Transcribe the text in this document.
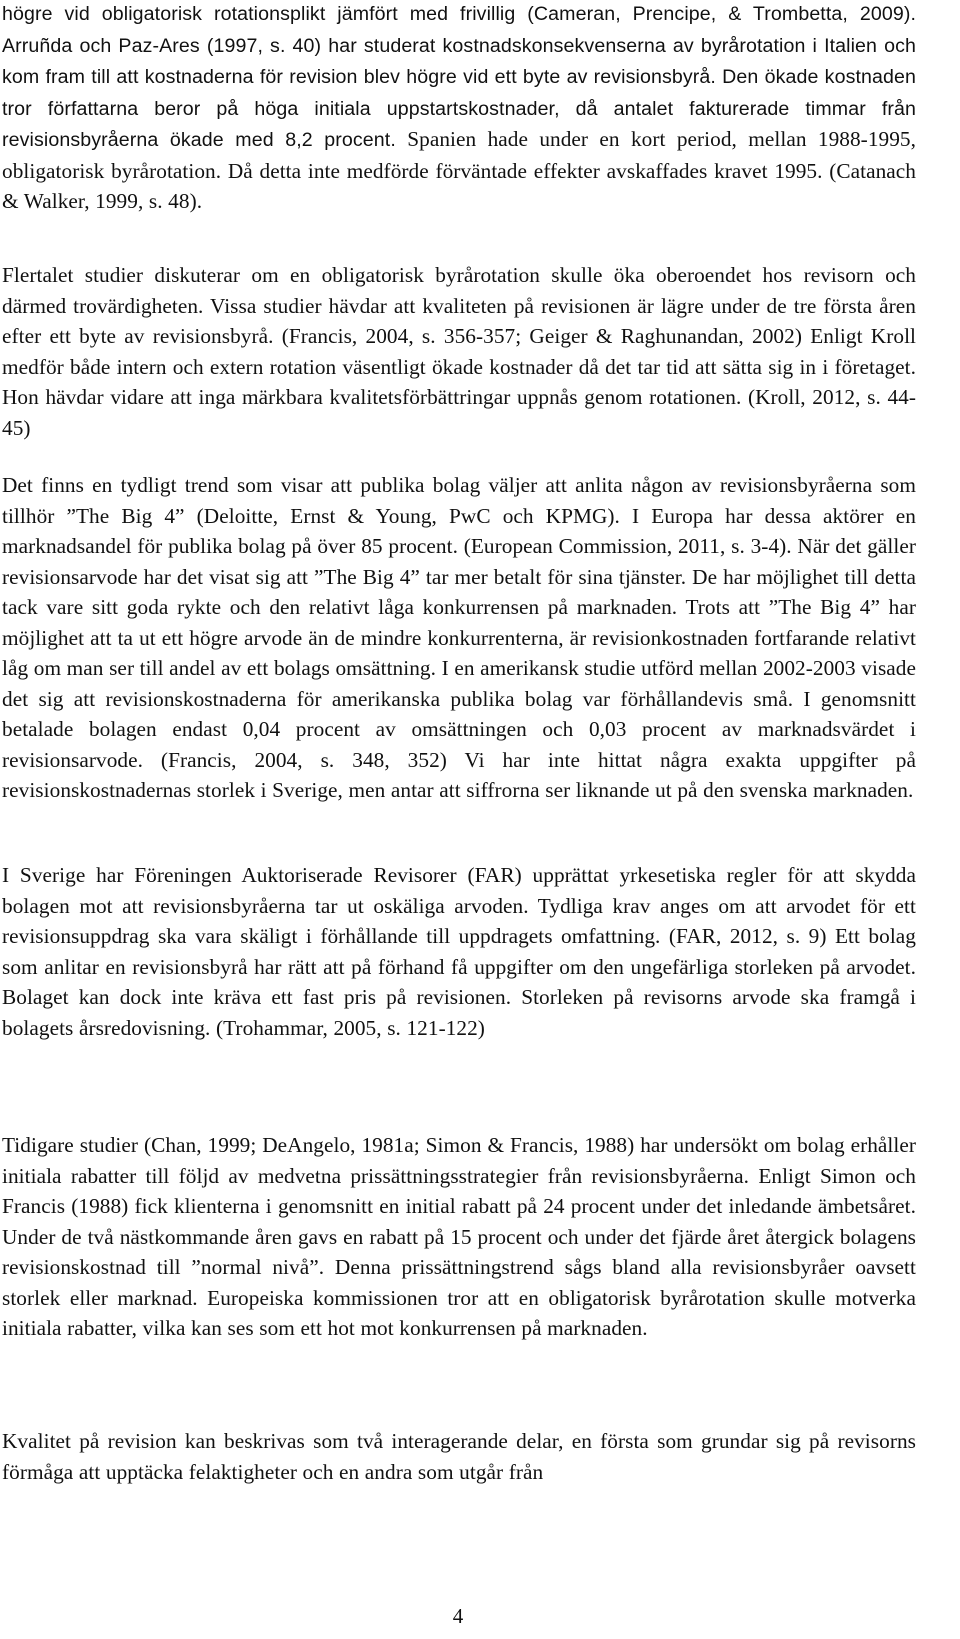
högre vid obligatorisk rotationsplikt jämfört med frivillig (Cameran, Prencipe, & Trombetta, 2009). Arruñda och Paz-Ares (1997, s. 40) har studerat kostnadskonsekvenserna av byrårotation i Italien och kom fram till att kostnaderna för revision blev högre vid ett byte av revisionsbyrå. Den ökade kostnaden tror författarna beror på höga initiala uppstartskostnader, då antalet fakturerade timmar från revisionsbyråerna ökade med 8,2 procent. Spanien hade under en kort period, mellan 1988-1995, obligatorisk byrårotation. Då detta inte medförde förväntade effekter avskaffades kravet 1995. (Catanach & Walker, 1999, s. 48).

Flertalet studier diskuterar om en obligatorisk byrårotation skulle öka oberoendet hos revisorn och därmed trovärdigheten. Vissa studier hävdar att kvaliteten på revisionen är lägre under de tre första åren efter ett byte av revisionsbyrå. (Francis, 2004, s. 356-357; Geiger & Raghunandan, 2002) Enligt Kroll medför både intern och extern rotation väsentligt ökade kostnader då det tar tid att sätta sig in i företaget. Hon hävdar vidare att inga märkbara kvalitetsförbättringar uppnås genom rotationen. (Kroll, 2012, s. 44-45)

Det finns en tydligt trend som visar att publika bolag väljer att anlita någon av revisionsbyråerna som tillhör ”The Big 4” (Deloitte, Ernst & Young, PwC och KPMG). I Europa har dessa aktörer en marknadsandel för publika bolag på över 85 procent. (European Commission, 2011, s. 3-4). När det gäller revisionsarvode har det visat sig att ”The Big 4” tar mer betalt för sina tjänster. De har möjlighet till detta tack vare sitt goda rykte och den relativt låga konkurrensen på marknaden. Trots att ”The Big 4” har möjlighet att ta ut ett högre arvode än de mindre konkurrenterna, är revisionkostnaden fortfarande relativt låg om man ser till andel av ett bolags omsättning. I en amerikansk studie utförd mellan 2002-2003 visade det sig att revisionskostnaderna för amerikanska publika bolag var förhållandevis små. I genomsnitt betalade bolagen endast 0,04 procent av omsättningen och 0,03 procent av marknadsvärdet i revisionsarvode. (Francis, 2004, s. 348, 352) Vi har inte hittat några exakta uppgifter på revisionskostnadernas storlek i Sverige, men antar att siffrorna ser liknande ut på den svenska marknaden.

I Sverige har Föreningen Auktoriserade Revisorer (FAR) upprättat yrkesetiska regler för att skydda bolagen mot att revisionsbyråerna tar ut oskäliga arvoden. Tydliga krav anges om att arvodet för ett revisionsuppdrag ska vara skäligt i förhållande till uppdragets omfattning. (FAR, 2012, s. 9) Ett bolag som anlitar en revisionsbyrå har rätt att på förhand få uppgifter om den ungefärliga storleken på arvodet. Bolaget kan dock inte kräva ett fast pris på revisionen. Storleken på revisorns arvode ska framgå i bolagets årsredovisning. (Trohammar, 2005, s. 121-122)

Tidigare studier (Chan, 1999; DeAngelo, 1981a; Simon & Francis, 1988) har undersökt om bolag erhåller initiala rabatter till följd av medvetna prissättningsstrategier från revisionsbyråerna. Enligt Simon och Francis (1988) fick klienterna i genomsnitt en initial rabatt på 24 procent under det inledande ämbetsåret. Under de två nästkommande åren gavs en rabatt på 15 procent och under det fjärde året återgick bolagens revisionskostnad till ”normal nivå”. Denna prissättningstrend sågs bland alla revisionsbyråer oavsett storlek eller marknad. Europeiska kommissionen tror att en obligatorisk byrårotation skulle motverka initiala rabatter, vilka kan ses som ett hot mot konkurrensen på marknaden.

Kvalitet på revision kan beskrivas som två interagerande delar, en första som grundar sig på revisorns förmåga att upptäcka felaktigheter och en andra som utgår från

4
